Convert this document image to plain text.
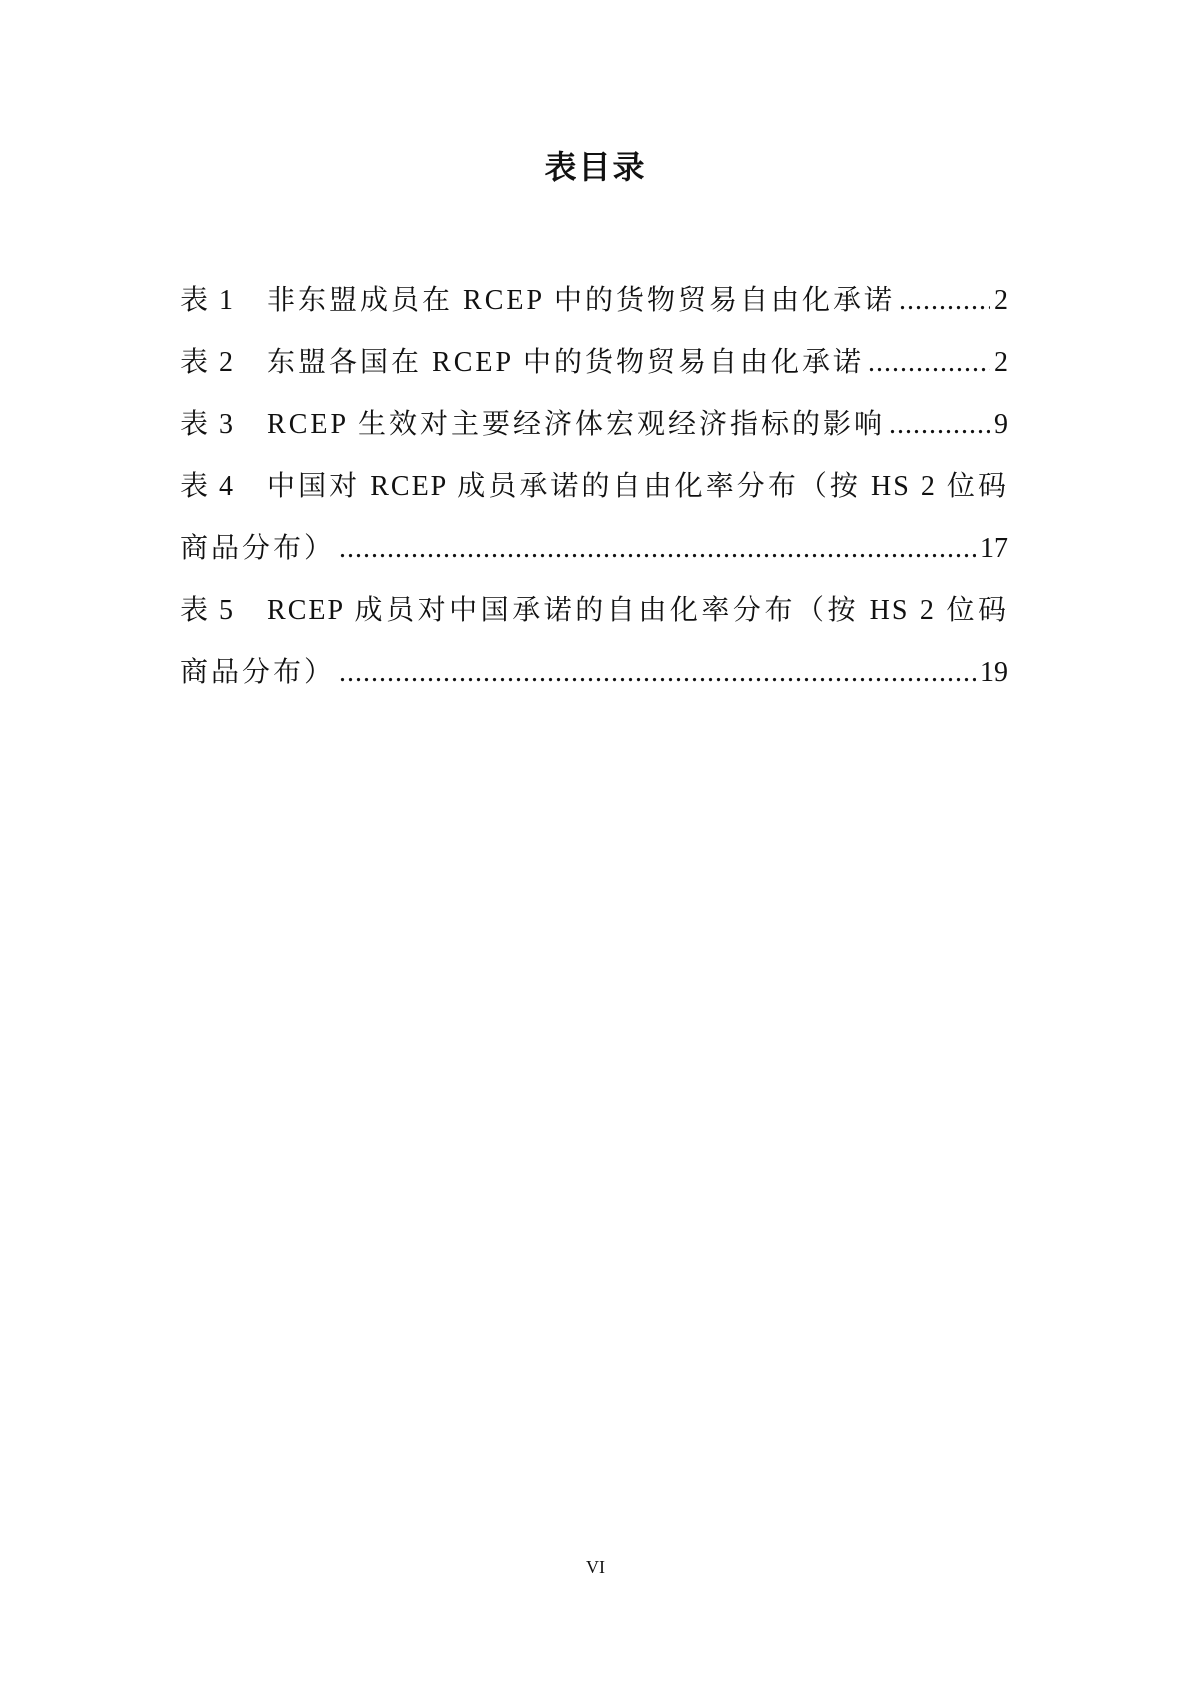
表目录
表 1 非东盟成员在 RCEP 中的货物贸易自由化承诺 .....	2
表 2 东盟各国在 RCEP 中的货物贸易自由化承诺 .....	2
表 3 RCEP 生效对主要经济体宏观经济指标的影响 .....	9
表 4 中国对 RCEP 成员承诺的自由化率分布（按 HS 2 位码
商品分布） .....	17
表 5 RCEP 成员对中国承诺的自由化率分布（按 HS 2 位码
商品分布） .....	19
VI
